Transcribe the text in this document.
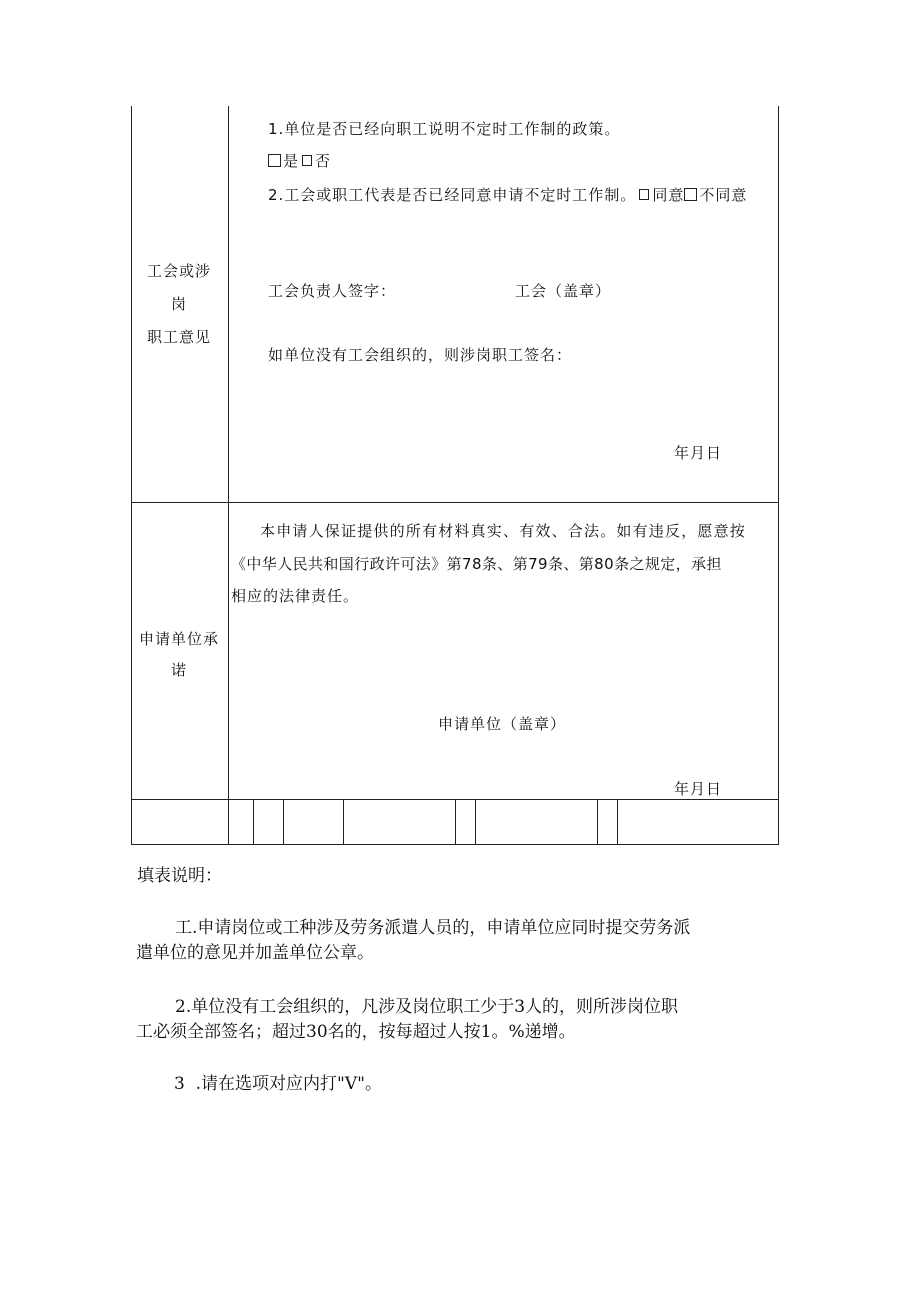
工会或涉
岗
职工意见
1.单位是否已经向职工说明不定时工作制的政策。
是 否
2.工会或职工代表是否已经同意申请不定时工作制。 同意 不同意
工会负责人签字：	工会（盖章）
如单位没有工会组织的，则涉岗职工签名：
年月日
申请单位承
诺
本申请人保证提供的所有材料真实、有效、合法。如有违反，愿意按
《中华人民共和国行政许可法》第78条、第79条、第80条之规定，承担
相应的法律责任。
申请单位（盖章）
年月日
填表说明：
工.申请岗位或工种涉及劳务派遣人员的，申请单位应同时提交劳务派
遣单位的意见并加盖单位公章。
2.单位没有工会组织的，凡涉及岗位职工少于3人的，则所涉岗位职
工必须全部签名；超过30名的，按每超过人按1。%递增。
3  .请在选项对应内打"V"。
